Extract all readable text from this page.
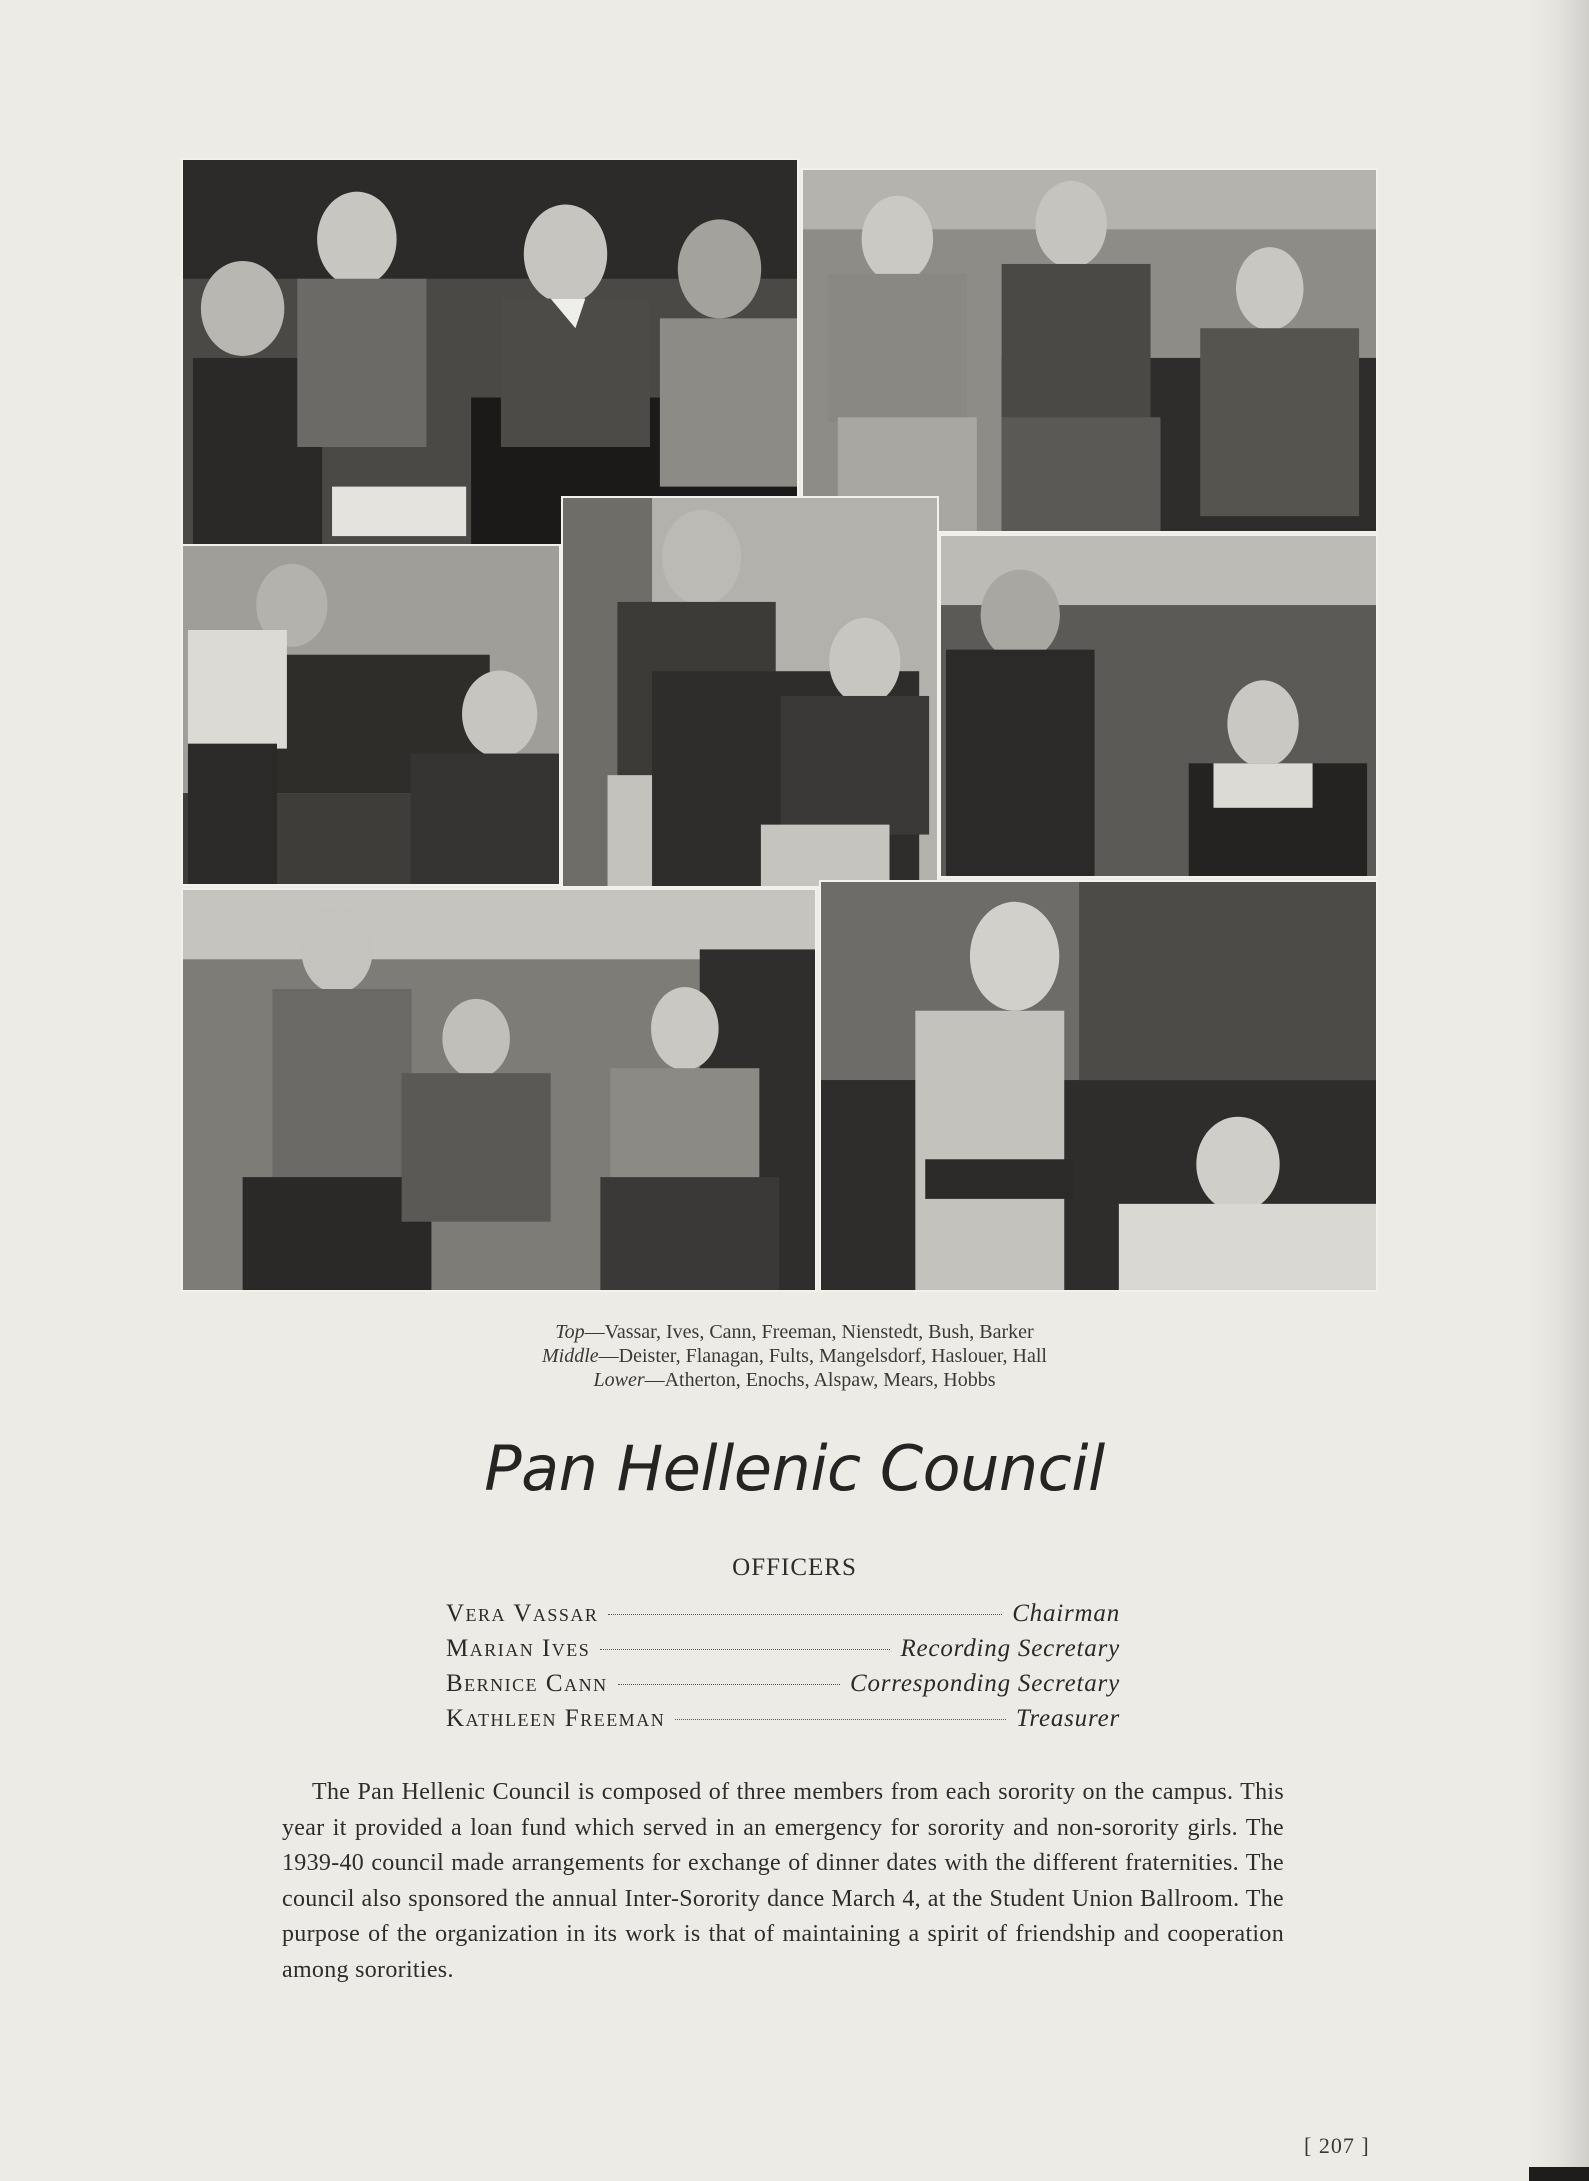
Top—Vassar, Ives, Cann, Freeman, Nienstedt, Bush, Barker
Middle—Deister, Flanagan, Fults, Mangelsdorf, Haslouer, Hall
Lower—Atherton, Enochs, Alspaw, Mears, Hobbs
Pan Hellenic Council
OFFICERS
Vera Vassar	Chairman
Marian Ives	Recording Secretary
Bernice Cann	Corresponding Secretary
Kathleen Freeman	Treasurer
The Pan Hellenic Council is composed of three members from each sorority on the campus. This year it provided a loan fund which served in an emergency for sorority and non-sorority girls. The 1939-40 council made arrangements for exchange of dinner dates with the different fraternities. The council also sponsored the annual Inter-Sorority dance March 4, at the Student Union Ballroom. The purpose of the organization in its work is that of maintaining a spirit of friendship and cooperation among sororities.
[ 207 ]
